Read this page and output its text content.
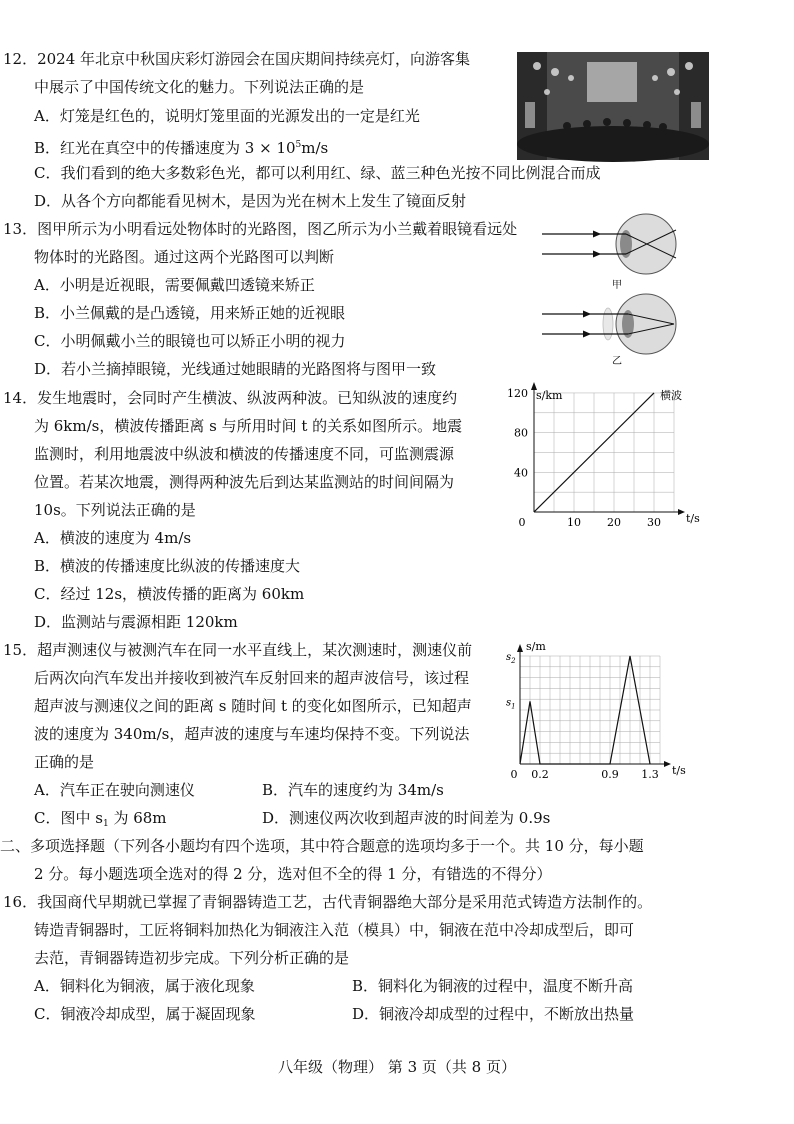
12．2024 年北京中秋国庆彩灯游园会在国庆期间持续亮灯，向游客集
中展示了中国传统文化的魅力。下列说法正确的是
A．灯笼是红色的，说明灯笼里面的光源发出的一定是红光
B．红光在真空中的传播速度为 $3 \times 10^5m/s$
C．我们看到的绝大多数彩色光，都可以利用红、绿、蓝三种色光按不同比例混合而成
D．从各个方向都能看见树木，是因为光在树木上发生了镜面反射
13．图甲所示为小明看远处物体时的光路图，图乙所示为小兰戴着眼镜看远处
物体时的光路图。通过这两个光路图可以判断
A．小明是近视眼，需要佩戴凹透镜来矫正
B．小兰佩戴的是凸透镜，用来矫正她的近视眼
C．小明佩戴小兰的眼镜也可以矫正小明的视力
D．若小兰摘掉眼镜，光线通过她眼睛的光路图将与图甲一致
甲
乙
14．发生地震时，会同时产生横波、纵波两种波。已知纵波的速度约
为 6km/s，横波传播距离 s 与所用时间 t 的关系如图所示。地震
监测时，利用地震波中纵波和横波的传播速度不同，可监测震源
位置。若某次地震，测得两种波先后到达某监测站的时间间隔为
10s。下列说法正确的是
A．横波的速度为 4m/s
B．横波的传播速度比纵波的传播速度大
C．经过 12s，横波传播的距离为 60km
D．监测站与震源相距 120km
0	10 20 30
40
80
120 s/km
t/s
横波
15．超声测速仪与被测汽车在同一水平直线上，某次测速时，测速仪前
后两次向汽车发出并接收到被汽车反射回来的超声波信号，该过程
超声波与测速仪之间的距离 s 随时间 t 的变化如图所示，已知超声
波的速度为 340m/s，超声波的速度与车速均保持不变。下列说法
正确的是
A．汽车正在驶向测速仪	B．汽车的速度约为 34m/s
C．图中 $s_1$ 为 68m	D．测速仪两次收到超声波的时间差为 0.9s
0 0.2	0.9 1.3
$s_1$
$s_2$
s/m
t/s
二、多项选择题（下列各小题均有四个选项，其中符合题意的选项均多于一个。共 10 分，每小题
2 分。每小题选项全选对的得 2 分，选对但不全的得 1 分，有错选的不得分）
16．我国商代早期就已掌握了青铜器铸造工艺，古代青铜器绝大部分是采用范式铸造方法制作的。
铸造青铜器时，工匠将铜料加热化为铜液注入范（模具）中，铜液在范中冷却成型后，即可
去范，青铜器铸造初步完成。下列分析正确的是
A．铜料化为铜液，属于液化现象	B．铜料化为铜液的过程中，温度不断升高
C．铜液冷却成型，属于凝固现象	D．铜液冷却成型的过程中，不断放出热量
八年级（物理） 第 3 页（共 8 页）
